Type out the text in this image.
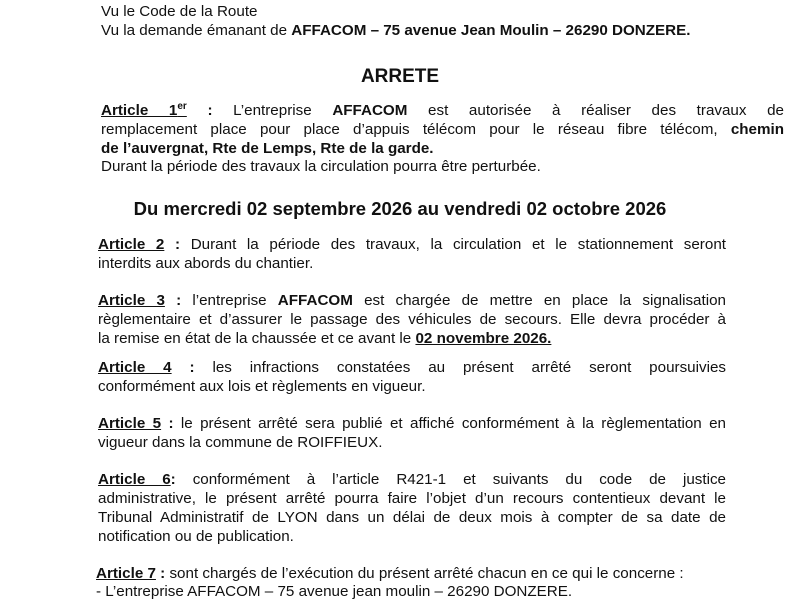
Vu le Code de la Route
Vu la demande émanant de AFFACOM – 75 avenue Jean Moulin – 26290 DONZERE.
ARRETE
Article 1er : L’entreprise AFFACOM est autorisée à réaliser des travaux de
remplacement place pour place d’appuis télécom pour le réseau fibre télécom, chemin
de l’auvergnat, Rte de Lemps, Rte de la garde.
Durant la période des travaux la circulation pourra être perturbée.
Du mercredi 02 septembre 2026 au vendredi 02 octobre 2026
Article 2 : Durant la période des travaux, la circulation et le stationnement seront
interdits aux abords du chantier.
Article 3 : l’entreprise AFFACOM est chargée de mettre en place la signalisation
règlementaire et d’assurer le passage des véhicules de secours. Elle devra procéder à
la remise en état de la chaussée et ce avant le 02 novembre 2026.
Article 4 : les infractions constatées au présent arrêté seront poursuivies
conformément aux lois et règlements en vigueur.
Article 5 : le présent arrêté sera publié et affiché conformément à la règlementation en
vigueur dans la commune de ROIFFIEUX.
Article 6: conformément à l’article R421-1 et suivants du code de justice
administrative, le présent arrêté pourra faire l’objet d’un recours contentieux devant le
Tribunal Administratif de LYON dans un délai de deux mois à compter de sa date de
notification ou de publication.
Article 7 : sont chargés de l’exécution du présent arrêté chacun en ce qui le concerne :
- L’entreprise AFFACOM – 75 avenue jean moulin – 26290 DONZERE.
